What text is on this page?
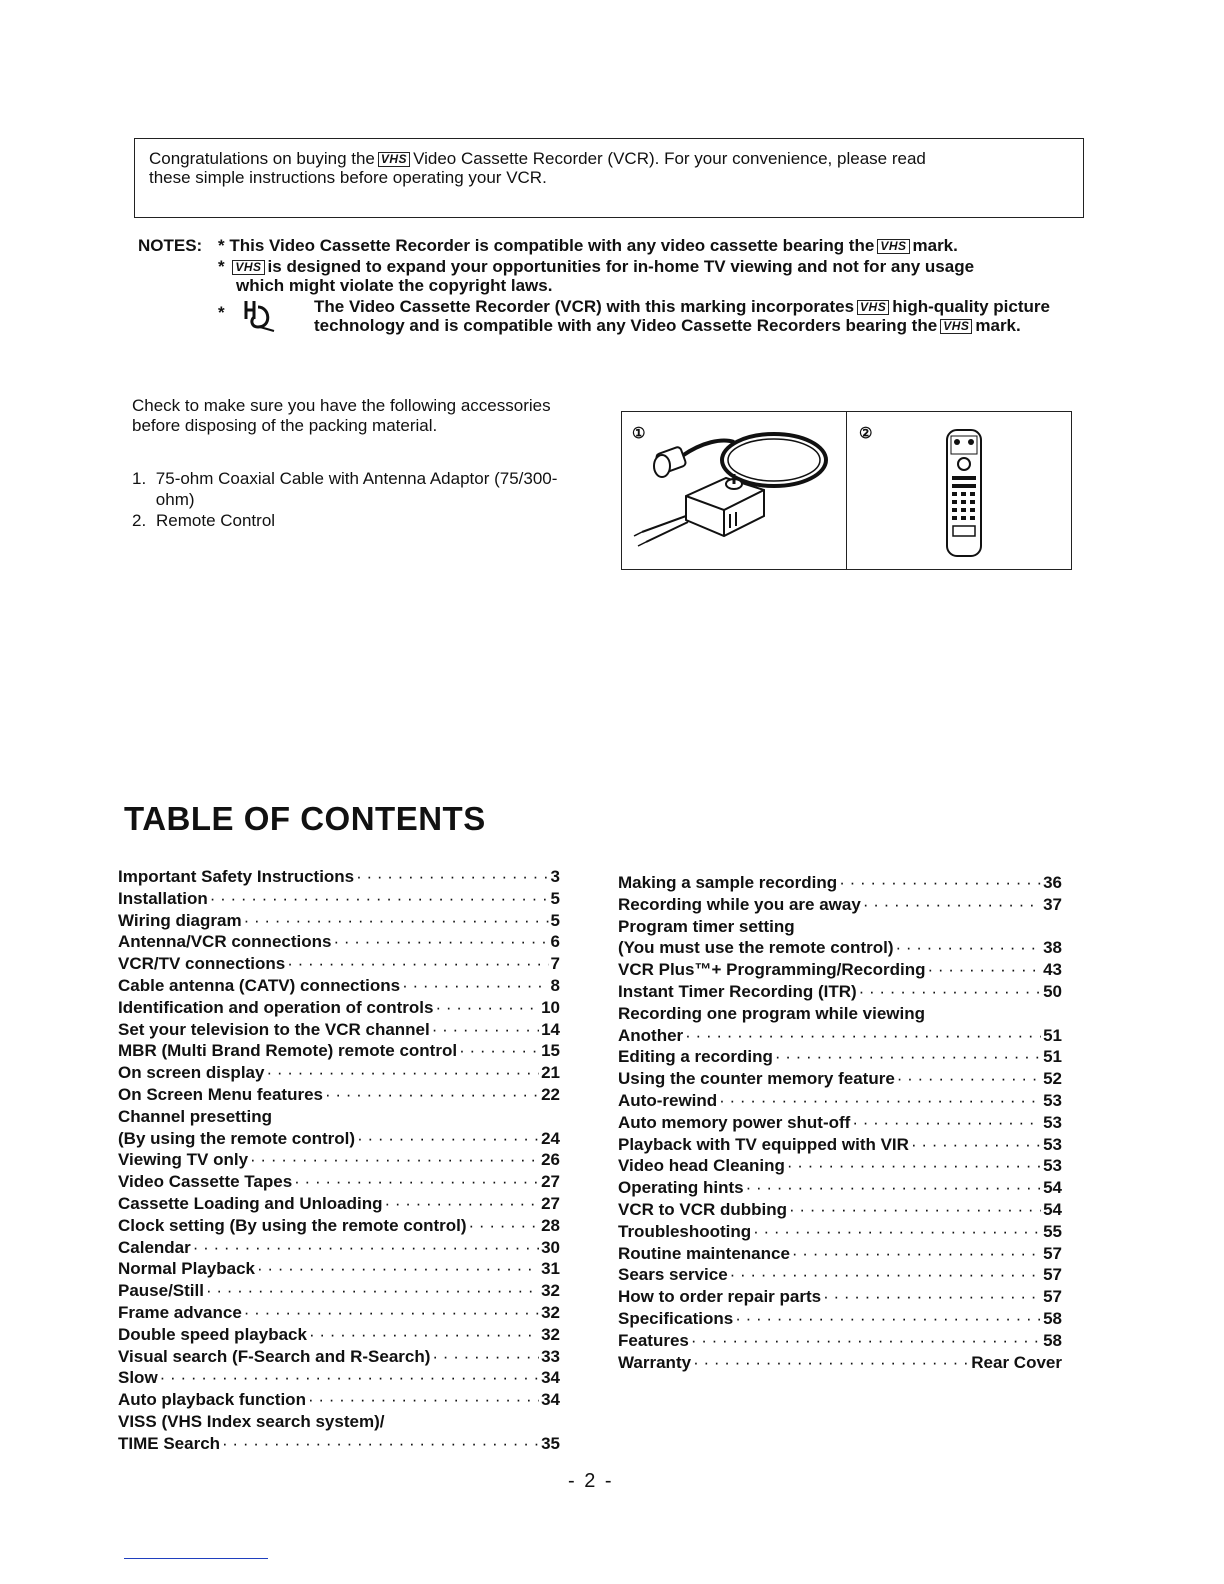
Congratulations on buying the VHS Video Cassette Recorder (VCR). For your convenience, please read
these simple instructions before operating your VCR.
NOTES: * This Video Cassette Recorder is compatible with any video cassette bearing the VHS mark.
* VHS is designed to expand your opportunities for in-home TV viewing and not for any usage
which might violate the copyright laws.
*	The Video Cassette Recorder (VCR) with this marking incorporates VHS high-quality picture technology and is compatible with any Video Cassette Recorders bearing the VHS mark.
Check to make sure you have the following accessories before disposing of the packing material.
1. 75-ohm Coaxial Cable with Antenna Adaptor (75/300-ohm)
2. Remote Control
①	②
TABLE OF CONTENTS
Important Safety Instructions · · ·	3
Installation · · ·	5
Wiring diagram · · ·	5
Antenna/VCR connections · · ·	6
VCR/TV connections · · ·	7
Cable antenna (CATV) connections · · ·	8
Identification and operation of controls · · ·	10
Set your television to the VCR channel · · ·	14
MBR (Multi Brand Remote) remote control · · ·	15
On screen display · · ·	21
On Screen Menu features · · ·	22
Channel presetting
(By using the remote control) · · ·	24
Viewing TV only · · ·	26
Video Cassette Tapes · · ·	27
Cassette Loading and Unloading · · ·	27
Clock setting (By using the remote control) · · ·	28
Calendar · · ·	30
Normal Playback · · ·	31
Pause/Still · · ·	32
Frame advance · · ·	32
Double speed playback · · ·	32
Visual search (F-Search and R-Search) · · ·	33
Slow · · ·	34
Auto playback function · · ·	34
VISS (VHS Index search system)/
TIME Search · · ·	35
Making a sample recording · · ·	36
Recording while you are away · · ·	37
Program timer setting
(You must use the remote control) · · ·	38
VCR Plus™+ Programming/Recording · · ·	43
Instant Timer Recording (ITR) · · ·	50
Recording one program while viewing
Another · · ·	51
Editing a recording · · ·	51
Using the counter memory feature · · ·	52
Auto-rewind · · ·	53
Auto memory power shut-off · · ·	53
Playback with TV equipped with VIR · · ·	53
Video head Cleaning · · ·	53
Operating hints · · ·	54
VCR to VCR dubbing · · ·	54
Troubleshooting · · ·	55
Routine maintenance · · ·	57
Sears service · · ·	57
How to order repair parts · · ·	57
Specifications · · ·	58
Features · · ·	58
Warranty · · ·	Rear Cover
- 2 -
